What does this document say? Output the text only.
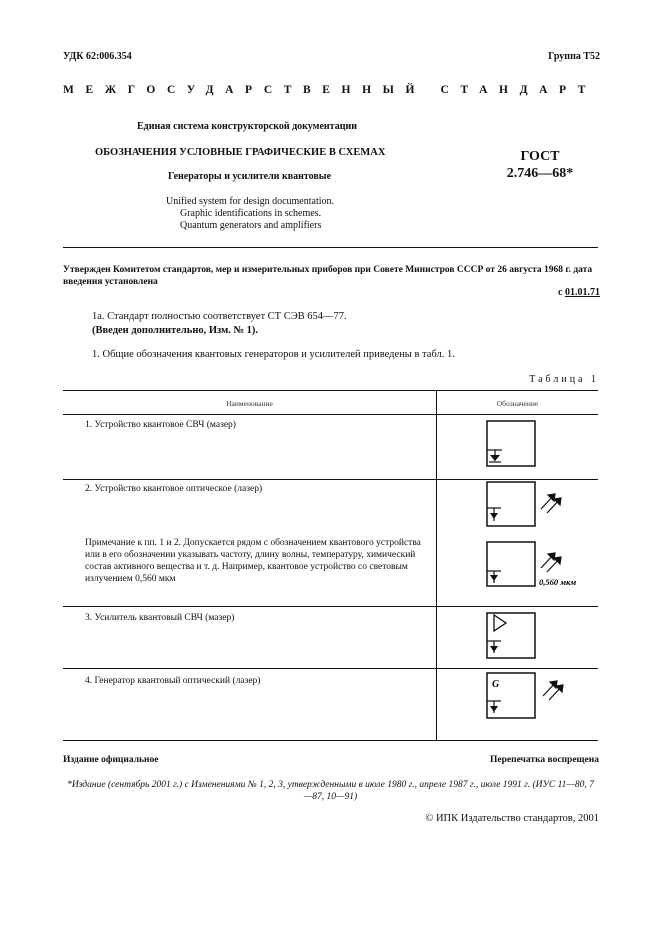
УДК 62:006.354	Группа Т52
МЕЖГОСУДАРСТВЕННЫЙ СТАНДАРТ
Единая система конструкторской документации
ОБОЗНАЧЕНИЯ УСЛОВНЫЕ ГРАФИЧЕСКИЕ В СХЕМАХ	ГОСТ
2.746—68*
Генераторы и усилители квантовые
Unified system for design documentation.
Graphic identifications in schemes.
Quantum generators and amplifiers
Утвержден Комитетом стандартов, мер и измерительных приборов при Совете Министров СССР от 26 августа 1968 г. дата введения установлена
с 01.01.71
1а. Стандарт полностью соответствует СТ СЭВ 654—77.
(Введен дополнительно, Изм. № 1).
1. Общие обозначения квантовых генераторов и усилителей приведены в табл. 1.
Таблица 1
Наименование	Обозначение
1. Устройство квантовое СВЧ (мазер)
2. Устройство квантовое оптическое (лазер)
Примечание к пп. 1 и 2. Допускается рядом с обозначением квантового устройства или в его обозначении указывать частоту, длину волны, температуру, химический состав активного вещества и т. д. Например, квантовое устройство со световым излучением 0,560 мкм
3. Усилитель квантовый СВЧ (мазер)
4. Генератор квантовый оптический (лазер)
0,560 мкм
G
Издание официальное	Перепечатка воспрещена
*Издание (сентябрь 2001 г.) с Изменениями № 1, 2, 3, утвержденными в июле 1980 г., апреле 1987 г., июле 1991 г. (ИУС 11—80, 7—87, 10—91)
© ИПК Издательство стандартов, 2001
